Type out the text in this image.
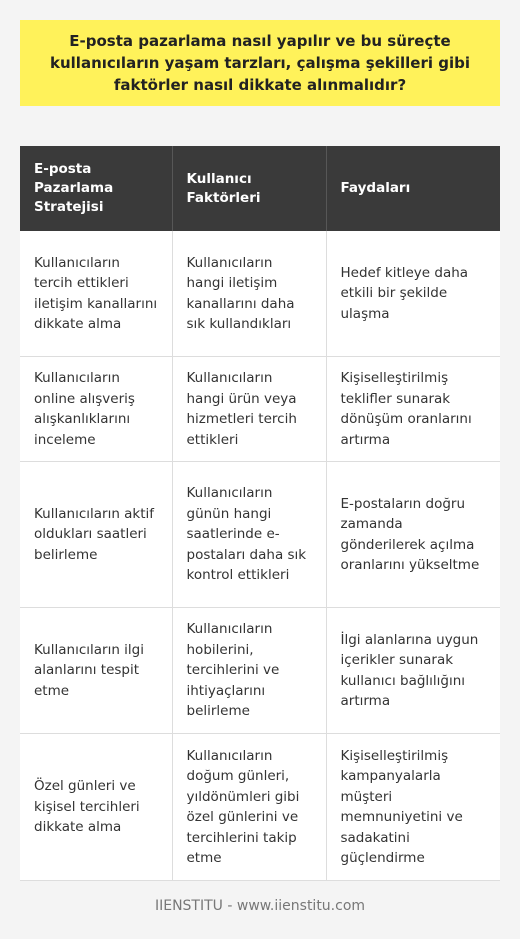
E-posta pazarlama nasıl yapılır ve bu süreçte kullanıcıların yaşam tarzları, çalışma şekilleri gibi faktörler nasıl dikkate alınmalıdır?
E-posta Pazarlama Stratejisi	Kullanıcı Faktörleri	Faydaları
Kullanıcıların tercih ettikleri iletişim kanallarını dikkate alma	Kullanıcıların hangi iletişim kanallarını daha sık kullandıkları	Hedef kitleye daha etkili bir şekilde ulaşma
Kullanıcıların online alışveriş alışkanlıklarını inceleme	Kullanıcıların hangi ürün veya hizmetleri tercih ettikleri	Kişiselleştirilmiş teklifler sunarak dönüşüm oranlarını artırma
Kullanıcıların aktif oldukları saatleri belirleme	Kullanıcıların günün hangi saatlerinde e-postaları daha sık kontrol ettikleri	E-postaların doğru zamanda gönderilerek açılma oranlarını yükseltme
Kullanıcıların ilgi alanlarını tespit etme	Kullanıcıların hobilerini, tercihlerini ve ihtiyaçlarını belirleme	İlgi alanlarına uygun içerikler sunarak kullanıcı bağlılığını artırma
Özel günleri ve kişisel tercihleri dikkate alma	Kullanıcıların doğum günleri, yıldönümleri gibi özel günlerini ve tercihlerini takip etme	Kişiselleştirilmiş kampanyalarla müşteri memnuniyetini ve sadakatini güçlendirme
IIENSTITU - www.iienstitu.com
